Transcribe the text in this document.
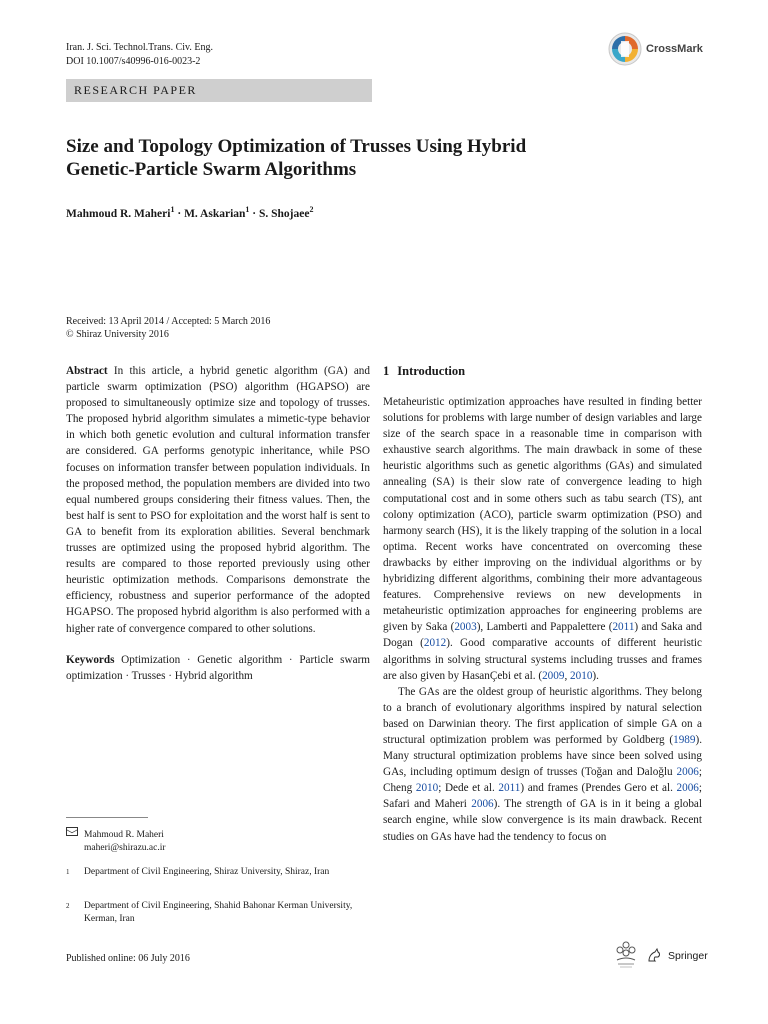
Iran. J. Sci. Technol.Trans. Civ. Eng.
DOI 10.1007/s40996-016-0023-2
CrossMark
RESEARCH PAPER
Size and Topology Optimization of Trusses Using Hybrid
Genetic-Particle Swarm Algorithms
Mahmoud R. Maheri$^1$ · M. Askarian$^1$ · S. Shojaee$^2$
Received: 13 April 2014 / Accepted: 5 March 2016
© Shiraz University 2016

Abstract In this article, a hybrid genetic algorithm (GA) and particle swarm optimization (PSO) algorithm (HGAPSO) are proposed to simultaneously optimize size and topology of trusses. The proposed hybrid algorithm simulates a mimetic-type behavior in which both genetic evolution and cultural information transfer are considered. GA performs genotypic inheritance, while PSO focuses on information transfer between population individuals. In the proposed method, the population members are divided into two equal numbered groups considering their fitness values. Then, the best half is sent to PSO for exploitation and the worst half is sent to GA to benefit from its exploration abilities. Several benchmark trusses are optimized using the proposed hybrid algorithm. The results are compared to those reported previously using other heuristic optimization methods. Comparisons demonstrate the efficiency, robustness and superior performance of the adopted HGAPSO. The proposed hybrid algorithm is also performed with a higher rate of convergence compared to other solutions.

Keywords Optimization · Genetic algorithm · Particle swarm optimization · Trusses · Hybrid algorithm

Mahmoud R. Maheri
maheri@shirazu.ac.ir
1 Department of Civil Engineering, Shiraz University, Shiraz, Iran
2 Department of Civil Engineering, Shahid Bahonar Kerman University, Kerman, Iran
Published online: 06 July 2016
1 Introduction

Metaheuristic optimization approaches have resulted in finding better solutions for problems with large number of design variables and large size of the search space in a reasonable time in comparison with exhaustive search algorithms. The main drawback in some of these heuristic algorithms such as genetic algorithms (GAs) and simulated annealing (SA) is their slow rate of convergence leading to high computational cost and in some others such as tabu search (TS), ant colony optimization (ACO), particle swarm optimization (PSO) and harmony search (HS), it is the likely trapping of the solution in a local optima. Recent works have concentrated on overcoming these drawbacks by either improving on the individual algorithms or by hybridizing different algorithms, combining their more advantageous features. Comprehensive reviews on new developments in metaheuristic optimization approaches for engineering problems are given by Saka (2003), Lamberti and Pappalettere (2011) and Saka and Dogan (2012). Good comparative accounts of different heuristic algorithms in solving structural systems including trusses and frames are also given by HasanÇebi et al. (2009, 2010).

The GAs are the oldest group of heuristic algorithms. They belong to a branch of evolutionary algorithms inspired by natural selection based on Darwinian theory. The first application of simple GA on a structural optimization problem was performed by Goldberg (1989). Many structural optimization problems have since been solved using GAs, including optimum design of trusses (Toğan and Daloğlu 2006; Cheng 2010; Dede et al. 2011) and frames (Prendes Gero et al. 2006; Safari and Maheri 2006). The strength of GA is in it being a global search engine, while slow convergence is its main drawback. Recent studies on GAs have had the tendency to focus on

Springer
